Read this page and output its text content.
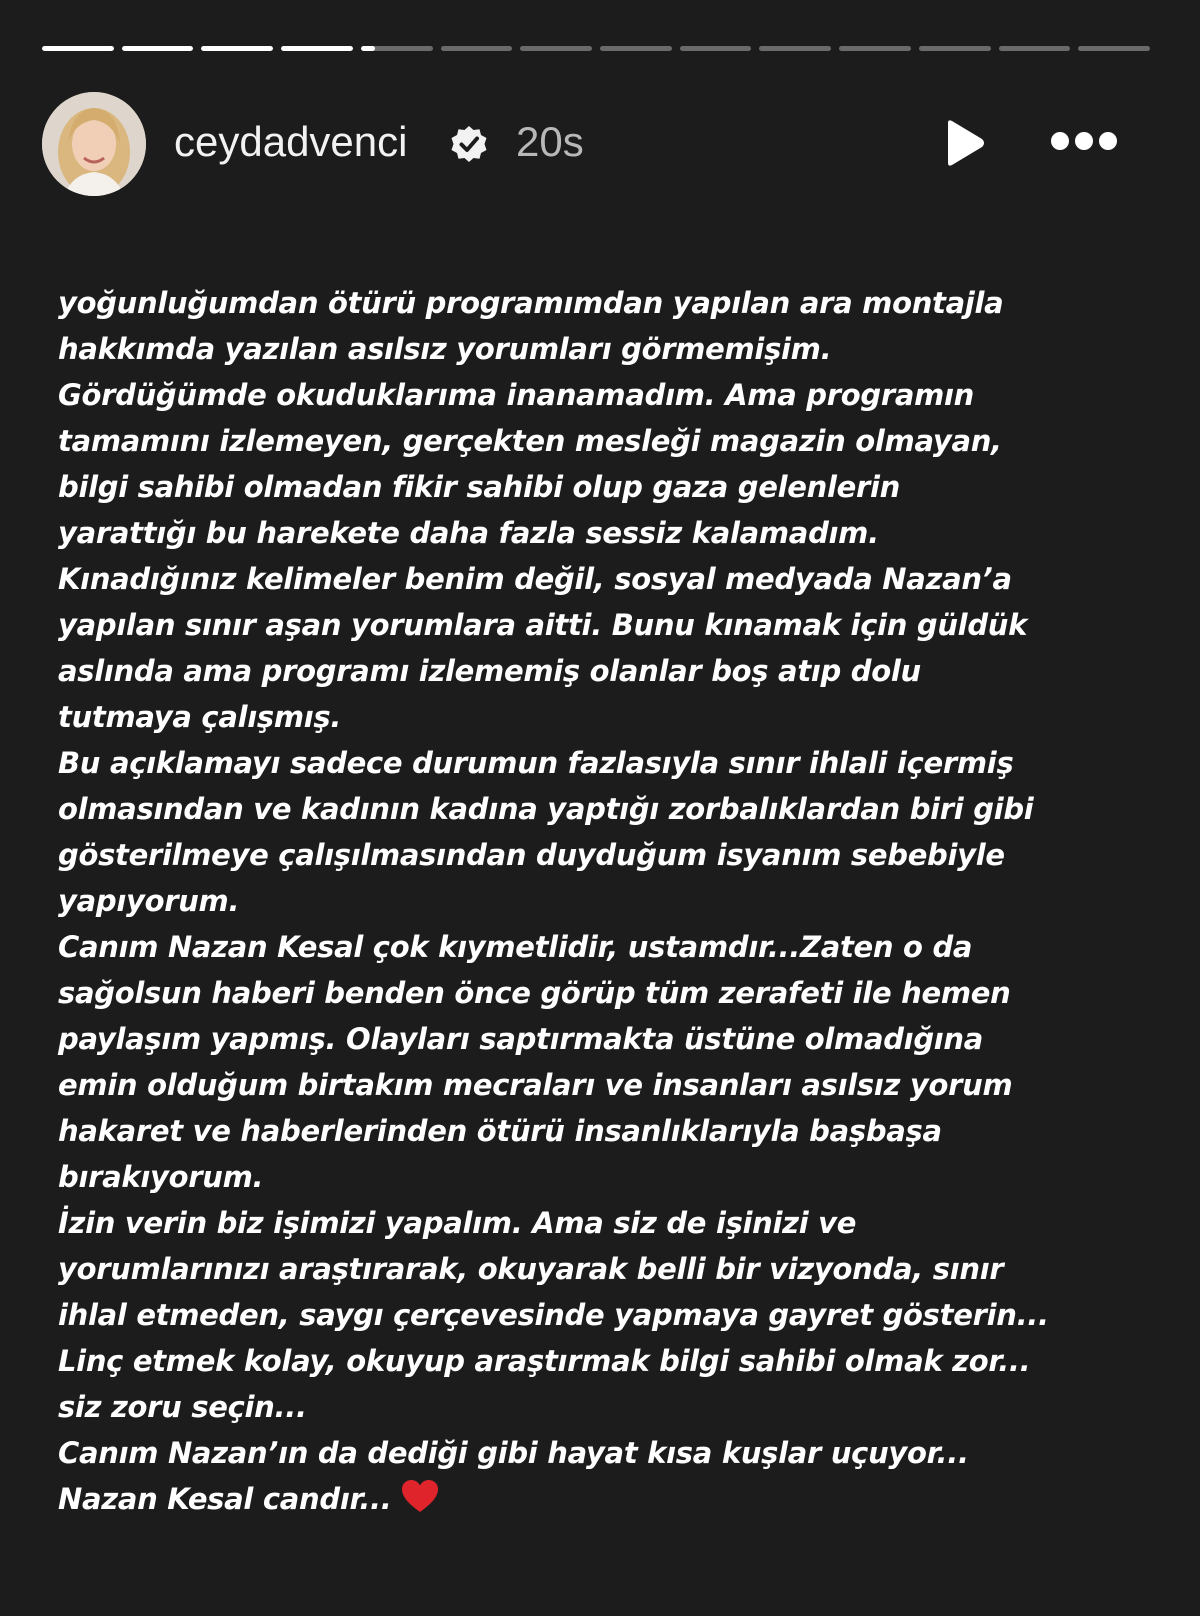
ceydadvenci	20s
yoğunluğumdan ötürü programımdan yapılan ara montajla
hakkımda yazılan asılsız yorumları görmemişim.
Gördüğümde okuduklarıma inanamadım. Ama programın
tamamını izlemeyen, gerçekten mesleği magazin olmayan,
bilgi sahibi olmadan fikir sahibi olup gaza gelenlerin
yarattığı bu harekete daha fazla sessiz kalamadım.
Kınadığınız kelimeler benim değil, sosyal medyada Nazan’a
yapılan sınır aşan yorumlara aitti. Bunu kınamak için güldük
aslında ama programı izlememiş olanlar boş atıp dolu
tutmaya çalışmış.
Bu açıklamayı sadece durumun fazlasıyla sınır ihlali içermiş
olmasından ve kadının kadına yaptığı zorbalıklardan biri gibi
gösterilmeye çalışılmasından duyduğum isyanım sebebiyle
yapıyorum.
Canım Nazan Kesal çok kıymetlidir, ustamdır...Zaten o da
sağolsun haberi benden önce görüp tüm zerafeti ile hemen
paylaşım yapmış. Olayları saptırmakta üstüne olmadığına
emin olduğum birtakım mecraları ve insanları asılsız yorum
hakaret ve haberlerinden ötürü insanlıklarıyla başbaşa
bırakıyorum.
İzin verin biz işimizi yapalım. Ama siz de işinizi ve
yorumlarınızı araştırarak, okuyarak belli bir vizyonda, sınır
ihlal etmeden, saygı çerçevesinde yapmaya gayret gösterin...
Linç etmek kolay, okuyup araştırmak bilgi sahibi olmak zor...
siz zoru seçin...
Canım Nazan’ın da dediği gibi hayat kısa kuşlar uçuyor...
Nazan Kesal candır...
